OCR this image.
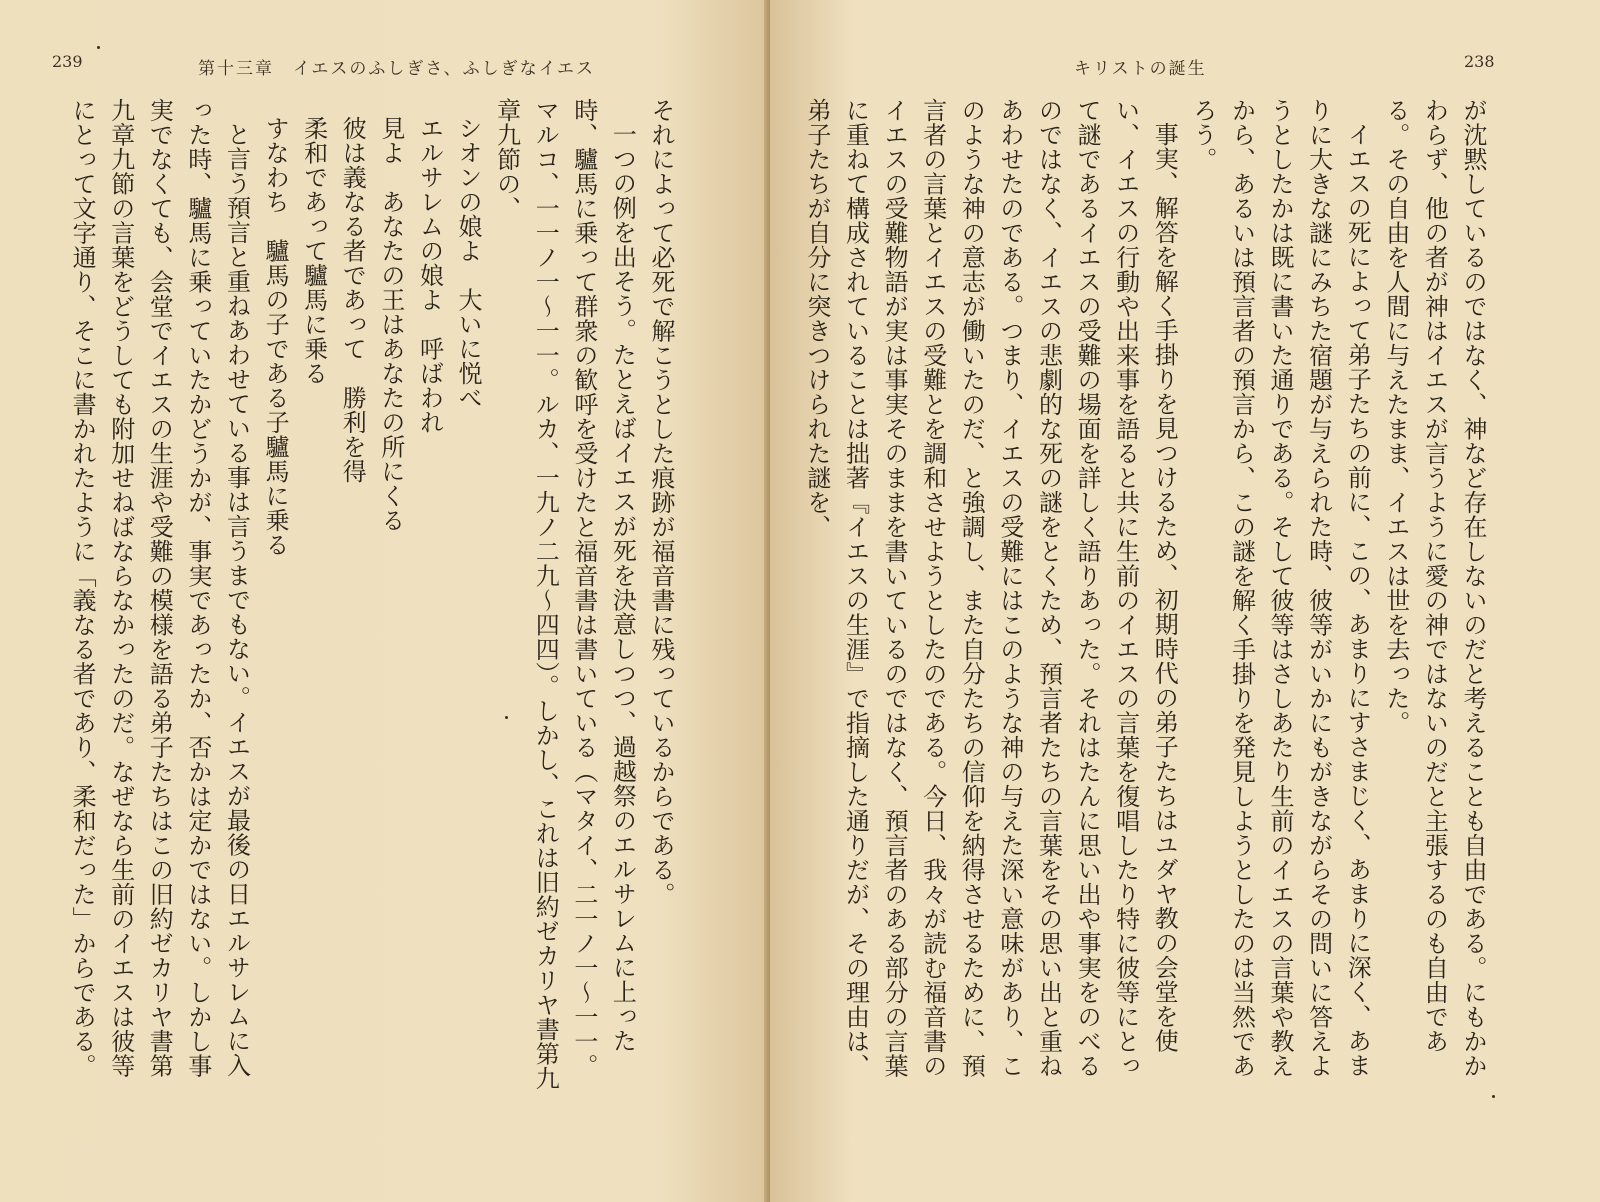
239	第十三章　イエスのふしぎさ、ふしぎなイエス

それによって必死で解こうとした痕跡が福音書に残っているからである。

一つの例を出そう。たとえばイエスが死を決意しつつ、過越祭のエルサレムに上った時、驢馬に乗って群衆の歓呼を受けたと福音書は書いている（マタイ、二一ノ一〜一一。マルコ、一一ノ一〜一一。ルカ、一九ノ二九〜四四）。しかし、これは旧約ゼカリヤ書第九章九節の、

シオンの娘よ　大いに悦べ
エルサレムの娘よ　呼ばわれ
見よ　あなたの王はあなたの所にくる
彼は義なる者であって　勝利を得
柔和であって驢馬に乗る
すなわち　驢馬の子である子驢馬に乗る

と言う預言と重ねあわせている事は言うまでもない。イエスが最後の日エルサレムに入った時、驢馬に乗っていたかどうかが、事実であったか、否かは定かではない。しかし事実でなくても、会堂でイエスの生涯や受難の模様を語る弟子たちはこの旧約ゼカリヤ書第九章九節の言葉をどうしても附加せねばならなかったのだ。なぜなら生前のイエスは彼等にとって文字通り、そこに書かれたように「義なる者であり、柔和だった」からである。

キリストの誕生	238

が沈黙しているのではなく、神など存在しないのだと考えることも自由である。にもかかわらず、他の者が神はイエスが言うように愛の神ではないのだと主張するのも自由である。その自由を人間に与えたまま、イエスは世を去った。

イエスの死によって弟子たちの前に、この、あまりにすさまじく、あまりに深く、あまりに大きな謎にみちた宿題が与えられた時、彼等がいかにもがきながらその問いに答えようとしたかは既に書いた通りである。そして彼等はさしあたり生前のイエスの言葉や教えから、あるいは預言者の預言から、この謎を解く手掛りを発見しようとしたのは当然であろう。

事実、解答を解く手掛りを見つけるため、初期時代の弟子たちはユダヤ教の会堂を使い、イエスの行動や出来事を語ると共に生前のイエスの言葉を復唱したり特に彼等にとって謎であるイエスの受難の場面を詳しく語りあった。それはたんに思い出や事実をのべるのではなく、イエスの悲劇的な死の謎をとくため、預言者たちの言葉をその思い出と重ねあわせたのである。つまり、イエスの受難にはこのような神の与えた深い意味があり、このような神の意志が働いたのだ、と強調し、また自分たちの信仰を納得させるために、預言者の言葉とイエスの受難とを調和させようとしたのである。今日、我々が読む福音書のイエスの受難物語が実は事実そのままを書いているのではなく、預言者のある部分の言葉に重ねて構成されていることは拙著『イエスの生涯』で指摘した通りだが、その理由は、弟子たちが自分に突きつけられた謎を、
